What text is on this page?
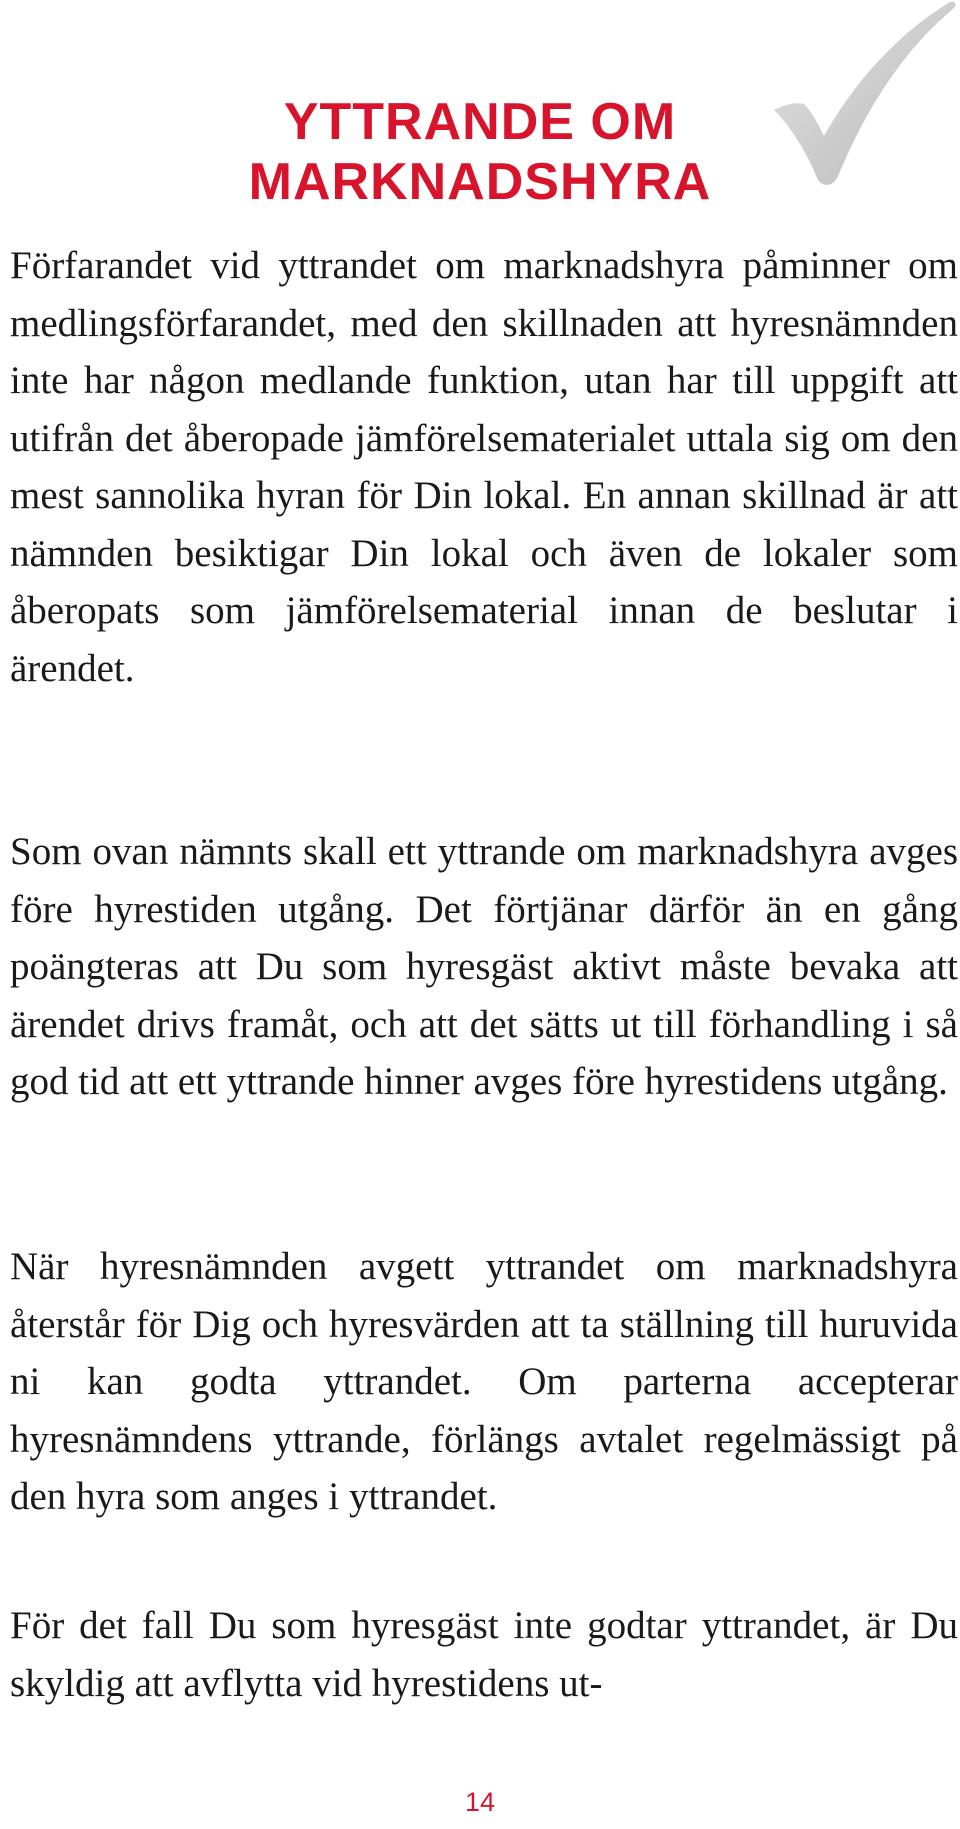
YTTRANDE OM
MARKNADSHYRA

Förfarandet vid yttrandet om marknadshyra påminner om medlingsförfarandet, med den skillnaden att hyresnämnden inte har någon medlande funktion, utan har till uppgift att utifrån det åberopade jämförelsematerialet uttala sig om den mest sannolika hyran för Din lokal. En annan skillnad är att nämnden besiktigar Din lokal och även de lokaler som åberopats som jämförelsematerial innan de beslutar i ärendet.

Som ovan nämnts skall ett yttrande om marknadshyra avges före hyrestiden utgång. Det förtjänar därför än en gång poängteras att Du som hyresgäst aktivt måste bevaka att ärendet drivs framåt, och att det sätts ut till förhandling i så god tid att ett yttrande hinner avges före hyrestidens utgång.

När hyresnämnden avgett yttrandet om marknadshyra återstår för Dig och hyresvärden att ta ställning till huruvida ni kan godta yttrandet. Om parterna accepterar hyresnämndens yttrande, förlängs avtalet regelmässigt på den hyra som anges i yttrandet.

För det fall Du som hyresgäst inte godtar yttrandet, är Du skyldig att avflytta vid hyrestidens ut-

14
